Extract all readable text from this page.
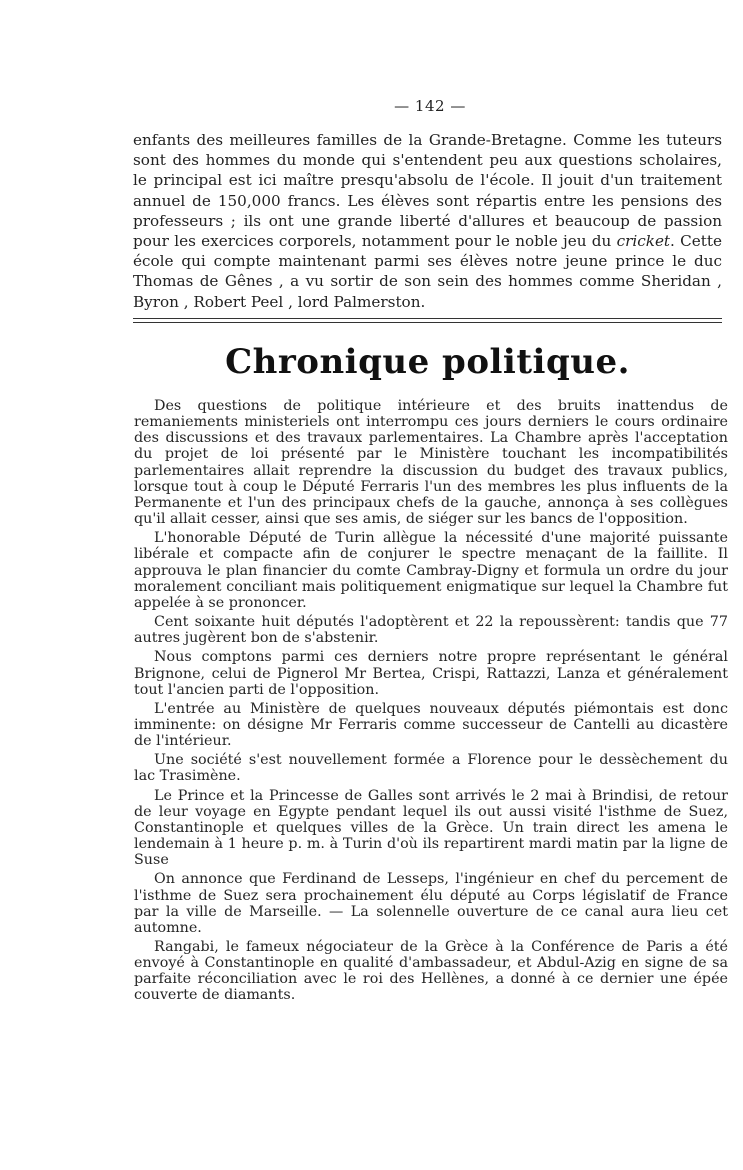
— 142 —

enfants des meilleures familles de la Grande-Bretagne. Comme les tuteurs sont des hommes du monde qui s'entendent peu aux questions scholaires, le principal est ici maître presqu'absolu de l'école. Il jouit d'un traitement annuel de 150,000 francs. Les élèves sont répartis entre les pensions des professeurs ; ils ont une grande liberté d'allures et beaucoup de passion pour les exercices corporels, notamment pour le noble jeu du cricket. Cette école qui compte maintenant parmi ses élèves notre jeune prince le duc Thomas de Gênes , a vu sortir de son sein des hommes comme Sheridan , Byron , Robert Peel , lord Palmerston.

Chronique politique.

Des questions de politique intérieure et des bruits inattendus de remaniements ministeriels ont interrompu ces jours derniers le cours ordinaire des discussions et des travaux parlementaires. La Chambre après l'acceptation du projet de loi présenté par le Ministère touchant les incompatibilités parlementaires allait reprendre la discussion du budget des travaux publics, lorsque tout à coup le Député Ferraris l'un des membres les plus influents de la Permanente et l'un des principaux chefs de la gauche, annonça à ses collègues qu'il allait cesser, ainsi que ses amis, de siéger sur les bancs de l'opposition.

L'honorable Député de Turin allègue la nécessité d'une majorité puissante libérale et compacte afin de conjurer le spectre menaçant de la faillite. Il approuva le plan financier du comte Cambray-Digny et formula un ordre du jour moralement conciliant mais politiquement enigmatique sur lequel la Chambre fut appelée à se prononcer.

Cent soixante huit députés l'adoptèrent et 22 la repoussèrent: tandis que 77 autres jugèrent bon de s'abstenir.

Nous comptons parmi ces derniers notre propre représentant le général Brignone, celui de Pignerol Mr Bertea, Crispi, Rattazzi, Lanza et généralement tout l'ancien parti de l'opposition.

L'entrée au Ministère de quelques nouveaux députés piémontais est donc imminente: on désigne Mr Ferraris comme successeur de Cantelli au dicastère de l'intérieur.

Une société s'est nouvellement formée a Florence pour le dessèchement du lac Trasimène.

Le Prince et la Princesse de Galles sont arrivés le 2 mai à Brindisi, de retour de leur voyage en Egypte pendant lequel ils out aussi visité l'isthme de Suez, Constantinople et quelques villes de la Grèce. Un train direct les amena le lendemain à 1 heure p. m. à Turin d'où ils repartirent mardi matin par la ligne de Suse

On annonce que Ferdinand de Lesseps, l'ingénieur en chef du percement de l'isthme de Suez sera prochainement élu député au Corps législatif de France par la ville de Marseille. — La solennelle ouverture de ce canal aura lieu cet automne.

Rangabi, le fameux négociateur de la Grèce à la Conférence de Paris a été envoyé à Constantinople en qualité d'ambassadeur, et Abdul-Azig en signe de sa parfaite réconciliation avec le roi des Hellènes, a donné à ce dernier une épée couverte de diamants.
